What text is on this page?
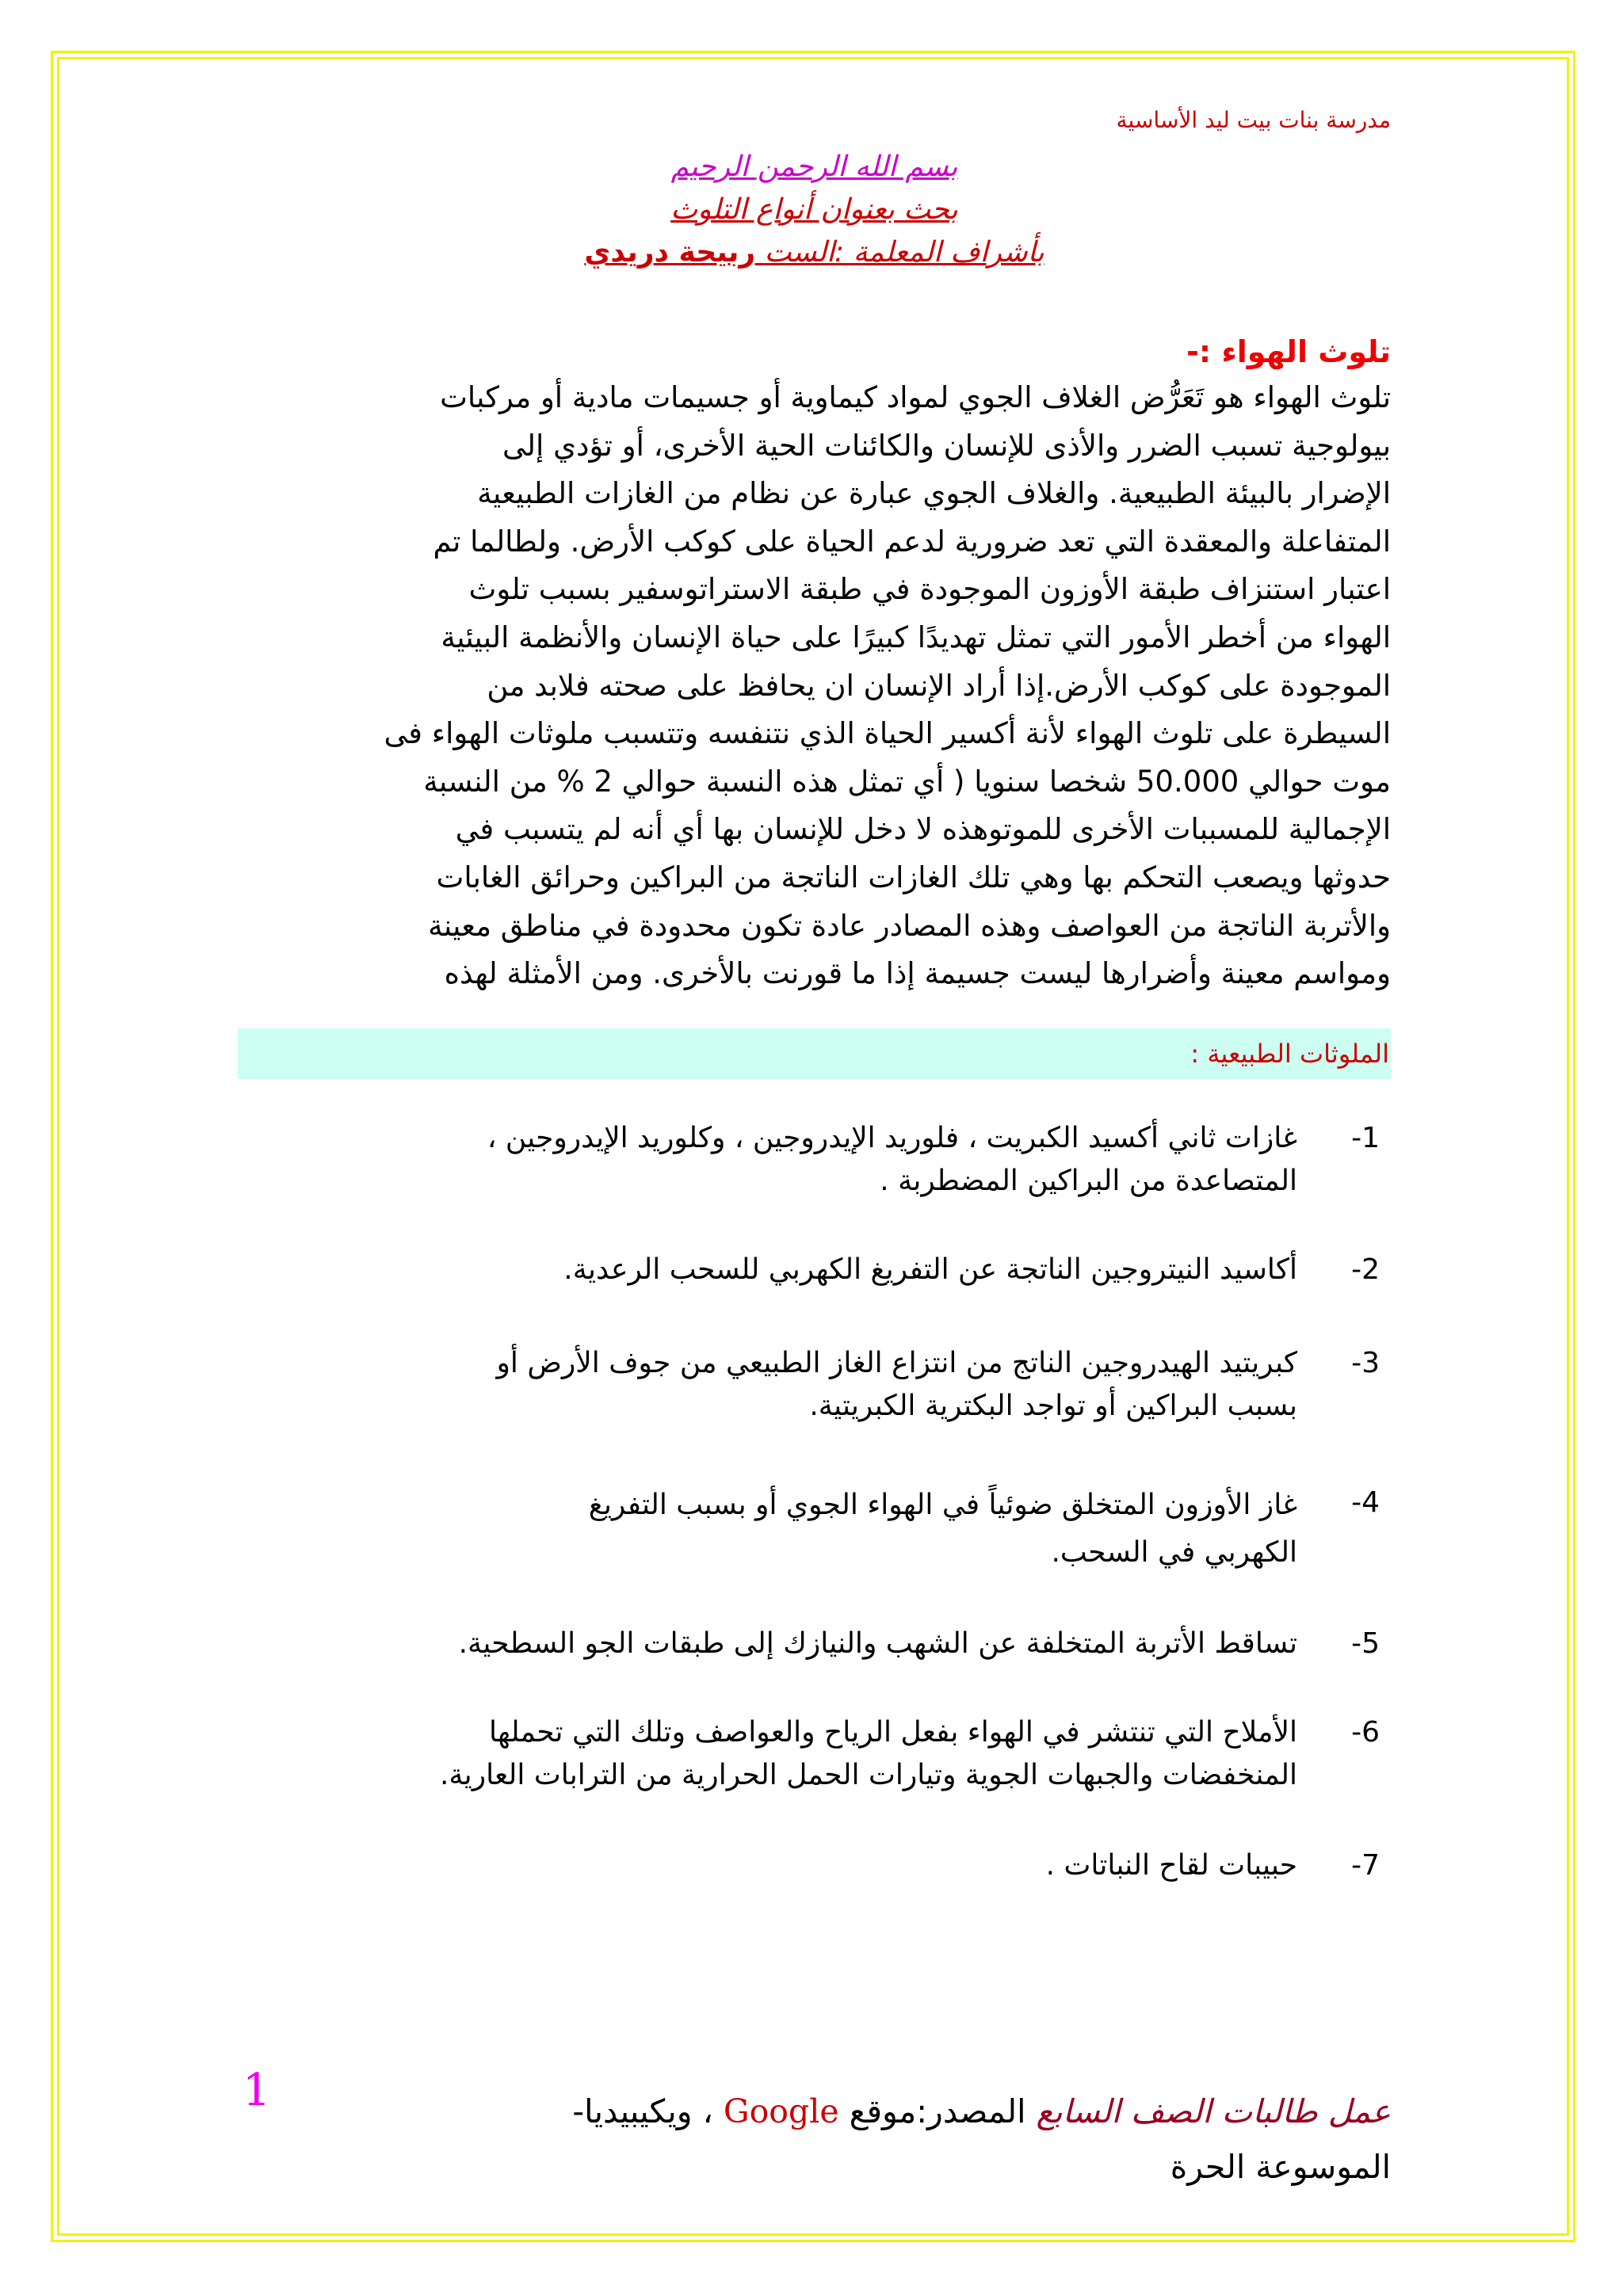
مدرسة بنات بيت ليد الأساسية

بسم الله الرحمن الرحيم

بحث بعنوان أنواع التلوث

بأشراف المعلمة :الست ربيحة دريدي

تلوث الهواء :-

تلوث الهواء هو تَعَرُّض الغلاف الجوي لمواد كيماوية أو جسيمات مادية أو مركبات

بيولوجية تسبب الضرر والأذى للإنسان والكائنات الحية الأخرى، أو تؤدي إلى

الإضرار بالبيئة الطبيعية. والغلاف الجوي عبارة عن نظام من الغازات الطبيعية

المتفاعلة والمعقدة التي تعد ضرورية لدعم الحياة على كوكب الأرض. ولطالما تم

اعتبار استنزاف طبقة الأوزون الموجودة في طبقة الاستراتوسفير بسبب تلوث

الهواء من أخطر الأمور التي تمثل تهديدًا كبيرًا على حياة الإنسان والأنظمة البيئية

الموجودة على كوكب الأرض.إذا أراد الإنسان ان يحافظ على صحته فلابد من

السيطرة على تلوث الهواء لأنة أكسير الحياة الذي نتنفسه وتتسبب ملوثات الهواء فى

موت حوالي 50.000 شخصا سنويا ( أي تمثل هذه النسبة حوالي 2 % من النسبة

الإجمالية للمسببات الأخرى للموتوهذه لا دخل للإنسان بها أي أنه لم يتسبب في

حدوثها ويصعب التحكم بها وهي تلك الغازات الناتجة من البراكين وحرائق الغابات

والأتربة الناتجة من العواصف وهذه المصادر عادة تكون محدودة في مناطق معينة

ومواسم معينة وأضرارها ليست جسيمة إذا ما قورنت بالأخرى. ومن الأمثلة لهذه

الملوثات الطبيعية :
-1
غازات ثاني أكسيد الكبريت ، فلوريد الإيدروجين ، وكلوريد الإيدروجين ،
المتصاعدة من البراكين المضطربة .
-2
أكاسيد النيتروجين الناتجة عن التفريغ الكهربي للسحب الرعدية.
-3
كبريتيد الهيدروجين الناتج من انتزاع الغاز الطبيعي من جوف الأرض أو
بسبب البراكين أو تواجد البكترية الكبريتية.
-4
غاز الأوزون المتخلق ضوئياً في الهواء الجوي أو بسبب التفريغ
الكهربي في السحب.
-5
تساقط الأتربة المتخلفة عن الشهب والنيازك إلى طبقات الجو السطحية.
-6
الأملاح التي تنتشر في الهواء بفعل الرياح والعواصف وتلك التي تحملها
المنخفضات والجبهات الجوية وتيارات الحمل الحرارية من الترابات العارية.
-7
حبيبات لقاح النباتات .
1	عمل طالبات الصف السابع المصدر:موقع Google ، ويكيبيديا-
الموسوعة الحرة
